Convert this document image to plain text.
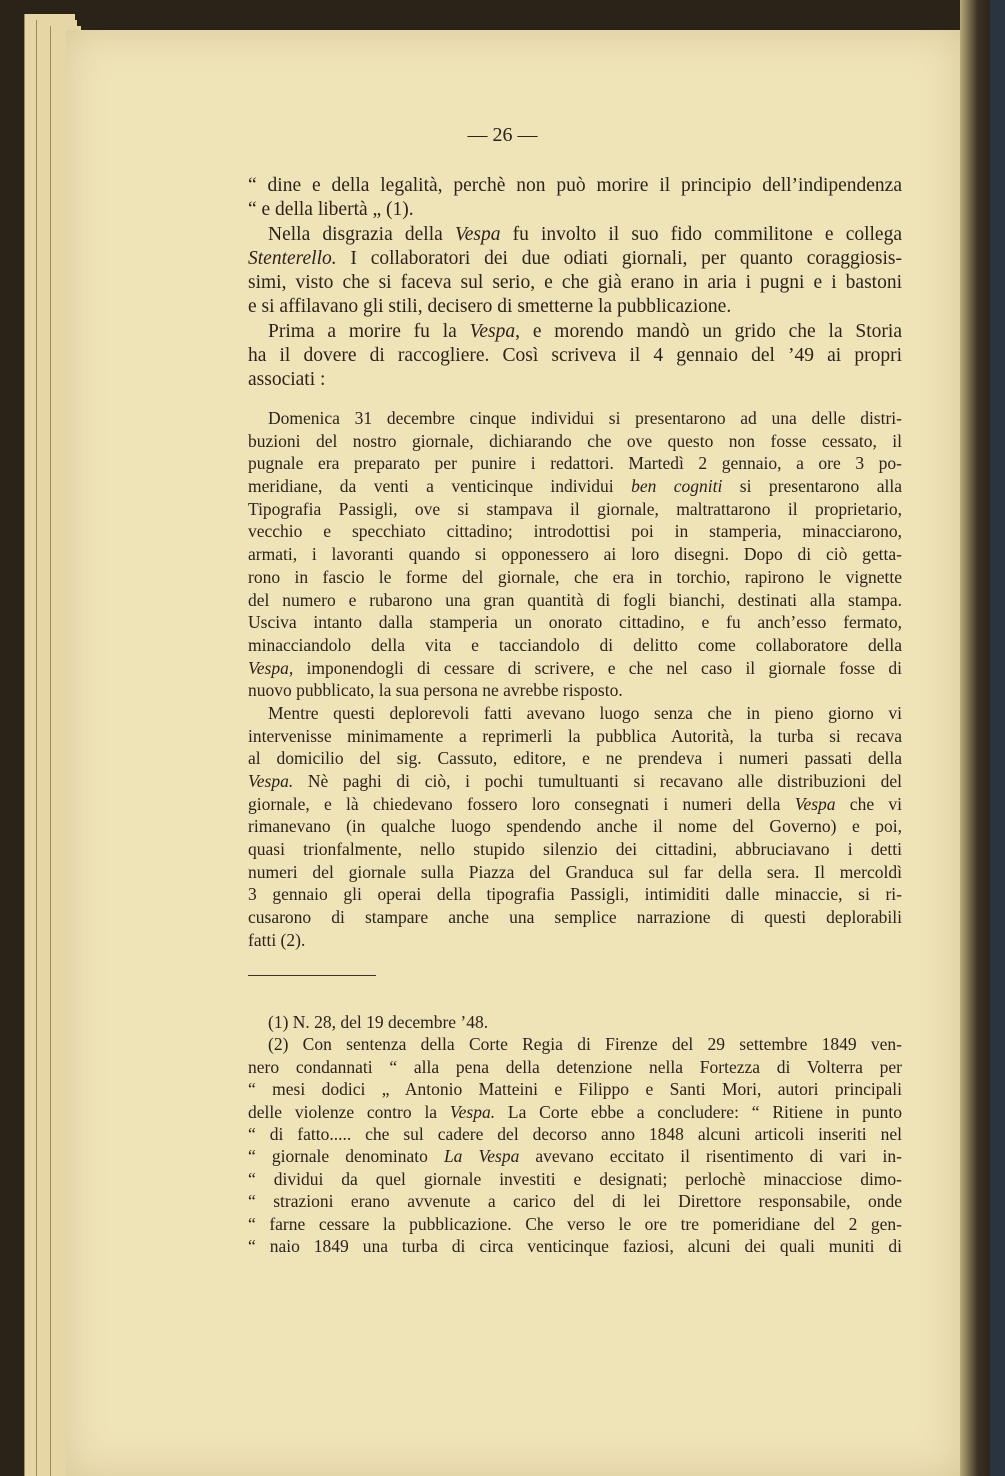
— 26 —
“ dine e della legalità, perchè non può morire il principio dell’indipendenza
“ e della libertà „ (1).
Nella disgrazia della Vespa fu involto il suo fido commilitone e collega
Stenterello. I collaboratori dei due odiati giornali, per quanto coraggiosis-
simi, visto che si faceva sul serio, e che già erano in aria i pugni e i bastoni
e si affilavano gli stili, decisero di smetterne la pubblicazione.
Prima a morire fu la Vespa, e morendo mandò un grido che la Storia
ha il dovere di raccogliere. Così scriveva il 4 gennaio del ’49 ai propri
associati :
Domenica 31 decembre cinque individui si presentarono ad una delle distri-
buzioni del nostro giornale, dichiarando che ove questo non fosse cessato, il
pugnale era preparato per punire i redattori. Martedì 2 gennaio, a ore 3 po-
meridiane, da venti a venticinque individui ben cogniti si presentarono alla
Tipografia Passigli, ove si stampava il giornale, maltrattarono il proprietario,
vecchio e specchiato cittadino; introdottisi poi in stamperia, minacciarono,
armati, i lavoranti quando si opponessero ai loro disegni. Dopo di ciò getta-
rono in fascio le forme del giornale, che era in torchio, rapirono le vignette
del numero e rubarono una gran quantità di fogli bianchi, destinati alla stampa.
Usciva intanto dalla stamperia un onorato cittadino, e fu anch’esso fermato,
minacciandolo della vita e tacciandolo di delitto come collaboratore della
Vespa, imponendogli di cessare di scrivere, e che nel caso il giornale fosse di
nuovo pubblicato, la sua persona ne avrebbe risposto.
Mentre questi deplorevoli fatti avevano luogo senza che in pieno giorno vi
intervenisse minimamente a reprimerli la pubblica Autorità, la turba si recava
al domicilio del sig. Cassuto, editore, e ne prendeva i numeri passati della
Vespa. Nè paghi di ciò, i pochi tumultuanti si recavano alle distribuzioni del
giornale, e là chiedevano fossero loro consegnati i numeri della Vespa che vi
rimanevano (in qualche luogo spendendo anche il nome del Governo) e poi,
quasi trionfalmente, nello stupido silenzio dei cittadini, abbruciavano i detti
numeri del giornale sulla Piazza del Granduca sul far della sera. Il mercoldì
3 gennaio gli operai della tipografia Passigli, intimiditi dalle minaccie, si ri-
cusarono di stampare anche una semplice narrazione di questi deplorabili
fatti (2).
(1) N. 28, del 19 decembre ’48.
(2) Con sentenza della Corte Regia di Firenze del 29 settembre 1849 ven-
nero condannati “ alla pena della detenzione nella Fortezza di Volterra per
“ mesi dodici „ Antonio Matteini e Filippo e Santi Mori, autori principali
delle violenze contro la Vespa. La Corte ebbe a concludere: “ Ritiene in punto
“ di fatto..... che sul cadere del decorso anno 1848 alcuni articoli inseriti nel
“ giornale denominato La Vespa avevano eccitato il risentimento di vari in-
“ dividui da quel giornale investiti e designati; perlochè minacciose dimo-
“ strazioni erano avvenute a carico del di lei Direttore responsabile, onde
“ farne cessare la pubblicazione. Che verso le ore tre pomeridiane del 2 gen-
“ naio 1849 una turba di circa venticinque faziosi, alcuni dei quali muniti di
